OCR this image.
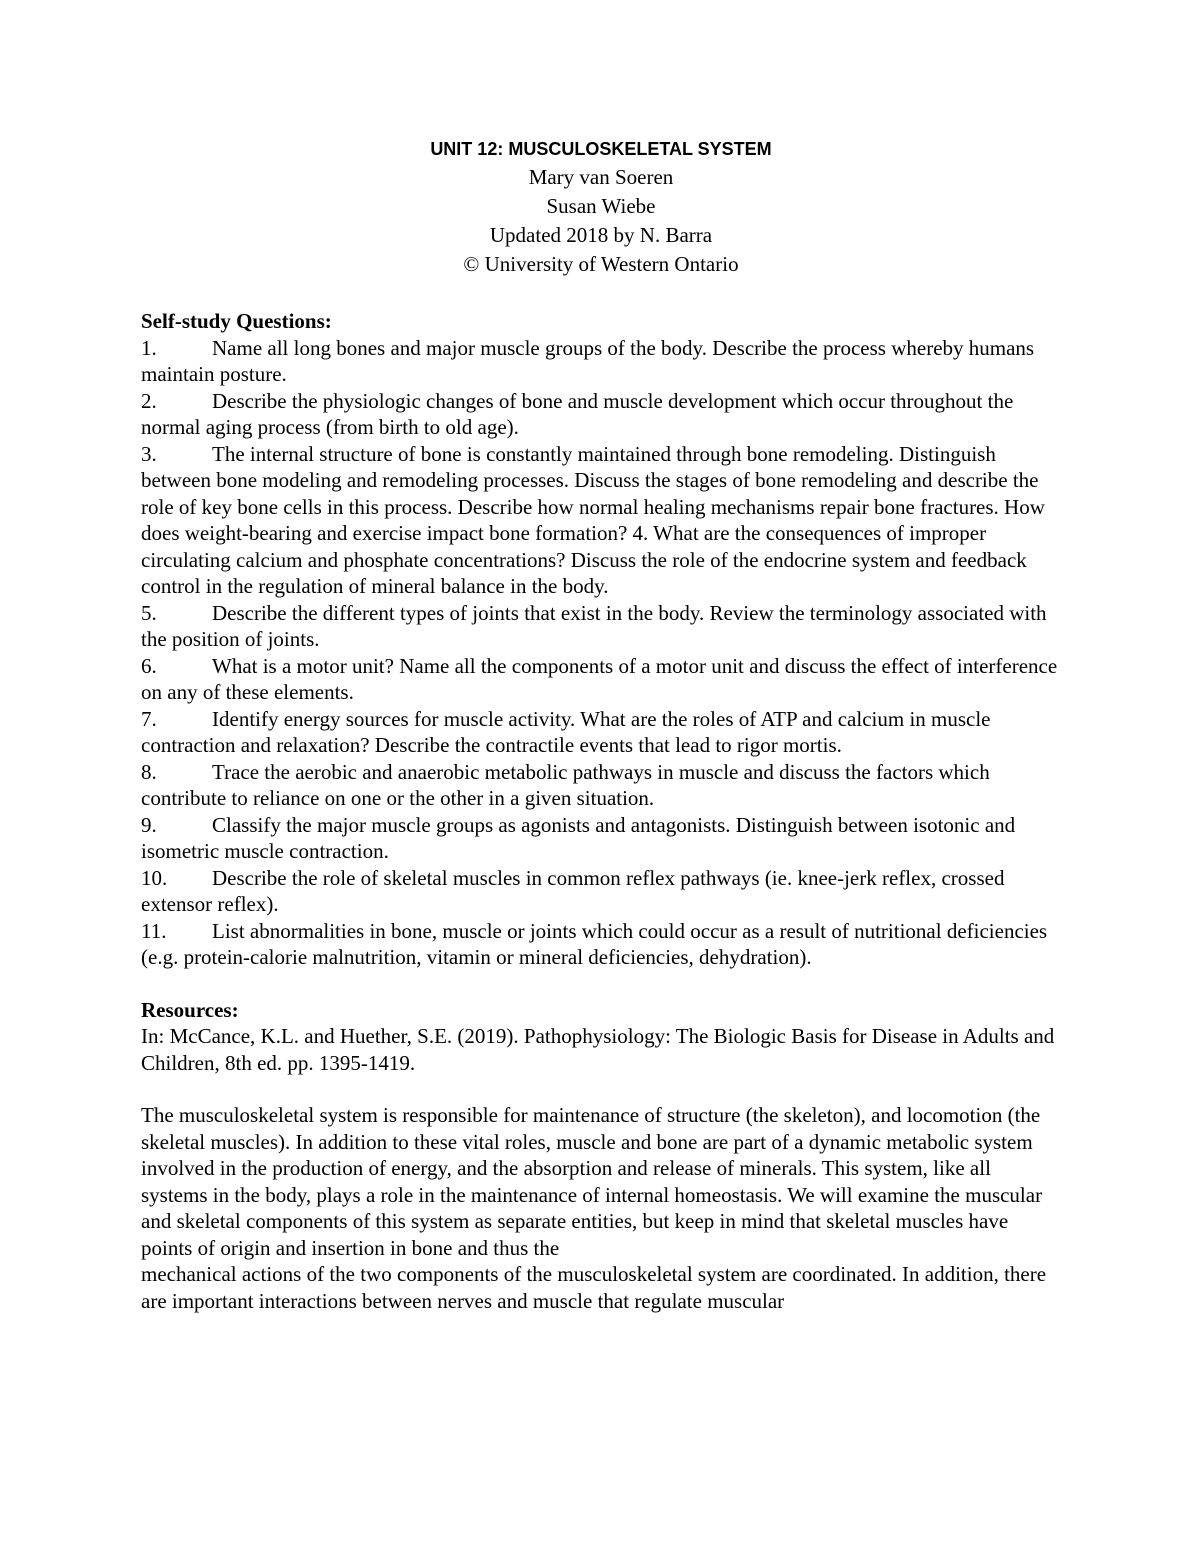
UNIT 12: MUSCULOSKELETAL SYSTEM

Mary van Soeren

Susan Wiebe

Updated 2018 by N. Barra

© University of Western Ontario

Self-study Questions:

1.	Name all long bones and major muscle groups of the body. Describe the process whereby humans maintain posture.

2.	Describe the physiologic changes of bone and muscle development which occur throughout the normal aging process (from birth to old age).

3.	The internal structure of bone is constantly maintained through bone remodeling. Distinguish between bone modeling and remodeling processes. Discuss the stages of bone remodeling and describe the role of key bone cells in this process. Describe how normal healing mechanisms repair bone fractures. How does weight-bearing and exercise impact bone formation? 4. What are the consequences of improper circulating calcium and phosphate concentrations? Discuss the role of the endocrine system and feedback control in the regulation of mineral balance in the body.

5.	Describe the different types of joints that exist in the body. Review the terminology associated with the position of joints.

6.	What is a motor unit? Name all the components of a motor unit and discuss the effect of interference on any of these elements.

7.	Identify energy sources for muscle activity. What are the roles of ATP and calcium in muscle contraction and relaxation? Describe the contractile events that lead to rigor mortis.

8.	Trace the aerobic and anaerobic metabolic pathways in muscle and discuss the factors which contribute to reliance on one or the other in a given situation.

9.	Classify the major muscle groups as agonists and antagonists. Distinguish between isotonic and isometric muscle contraction.

10. Describe the role of skeletal muscles in common reflex pathways (ie. knee-jerk reflex, crossed extensor reflex).

11. List abnormalities in bone, muscle or joints which could occur as a result of nutritional deficiencies (e.g. protein-calorie malnutrition, vitamin or mineral deficiencies, dehydration).

Resources:

In: McCance, K.L. and Huether, S.E. (2019). Pathophysiology: The Biologic Basis for Disease in Adults and Children, 8th ed. pp. 1395-1419.

The musculoskeletal system is responsible for maintenance of structure (the skeleton), and locomotion (the skeletal muscles). In addition to these vital roles, muscle and bone are part of a dynamic metabolic system involved in the production of energy, and the absorption and release of minerals. This system, like all systems in the body, plays a role in the maintenance of internal homeostasis. We will examine the muscular and skeletal components of this system as separate entities, but keep in mind that skeletal muscles have points of origin and insertion in bone and thus the

mechanical actions of the two components of the musculoskeletal system are coordinated. In addition, there are important interactions between nerves and muscle that regulate muscular
